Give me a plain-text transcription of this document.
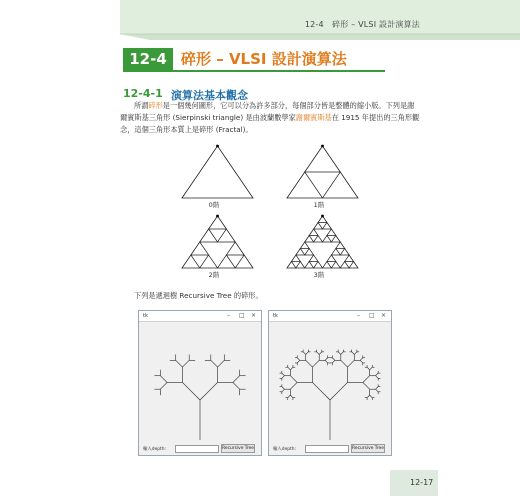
12-4　碎形 – VLSI 設計演算法
12-4 碎形 – VLSI 設計演算法
12-4-1 演算法基本觀念
所謂碎形是一個幾何圖形，它可以分為許多部分，每個部分皆是整體的縮小版。下列是謝爾賓斯基三角形 (Sierpinski triangle) 是由波蘭數學家謝爾賓斯基在 1915 年提出的三角形觀念，這個三角形本質上是碎形 (Fractal)。
0階	1階
2階	3階
下列是遞迴樹 Recursive Tree 的碎形。
tk	– □ ×
輸入depth:	Recursive Tree
tk	– □ ×
輸入depth:	Recursive Tree
12-17
